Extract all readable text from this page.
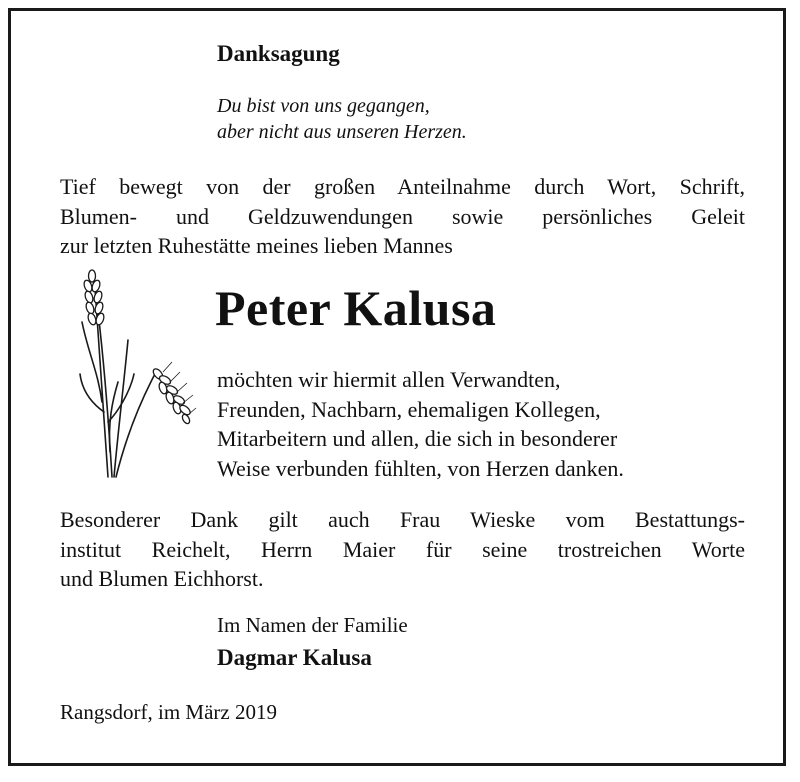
Danksagung

Du bist von uns gegangen,
aber nicht aus unseren Herzen.

Tief bewegt von der großen Anteilnahme durch Wort, Schrift,
Blumen- und Geldzuwendungen sowie persönliches Geleit
zur letzten Ruhestätte meines lieben Mannes

Peter Kalusa

möchten wir hiermit allen Verwandten,
Freunden, Nachbarn, ehemaligen Kollegen,
Mitarbeitern und allen, die sich in besonderer
Weise verbunden fühlten, von Herzen danken.

Besonderer Dank gilt auch Frau Wieske vom Bestattungs-
institut Reichelt, Herrn Maier für seine trostreichen Worte
und Blumen Eichhorst.

Im Namen der Familie

Dagmar Kalusa

Rangsdorf, im März 2019
